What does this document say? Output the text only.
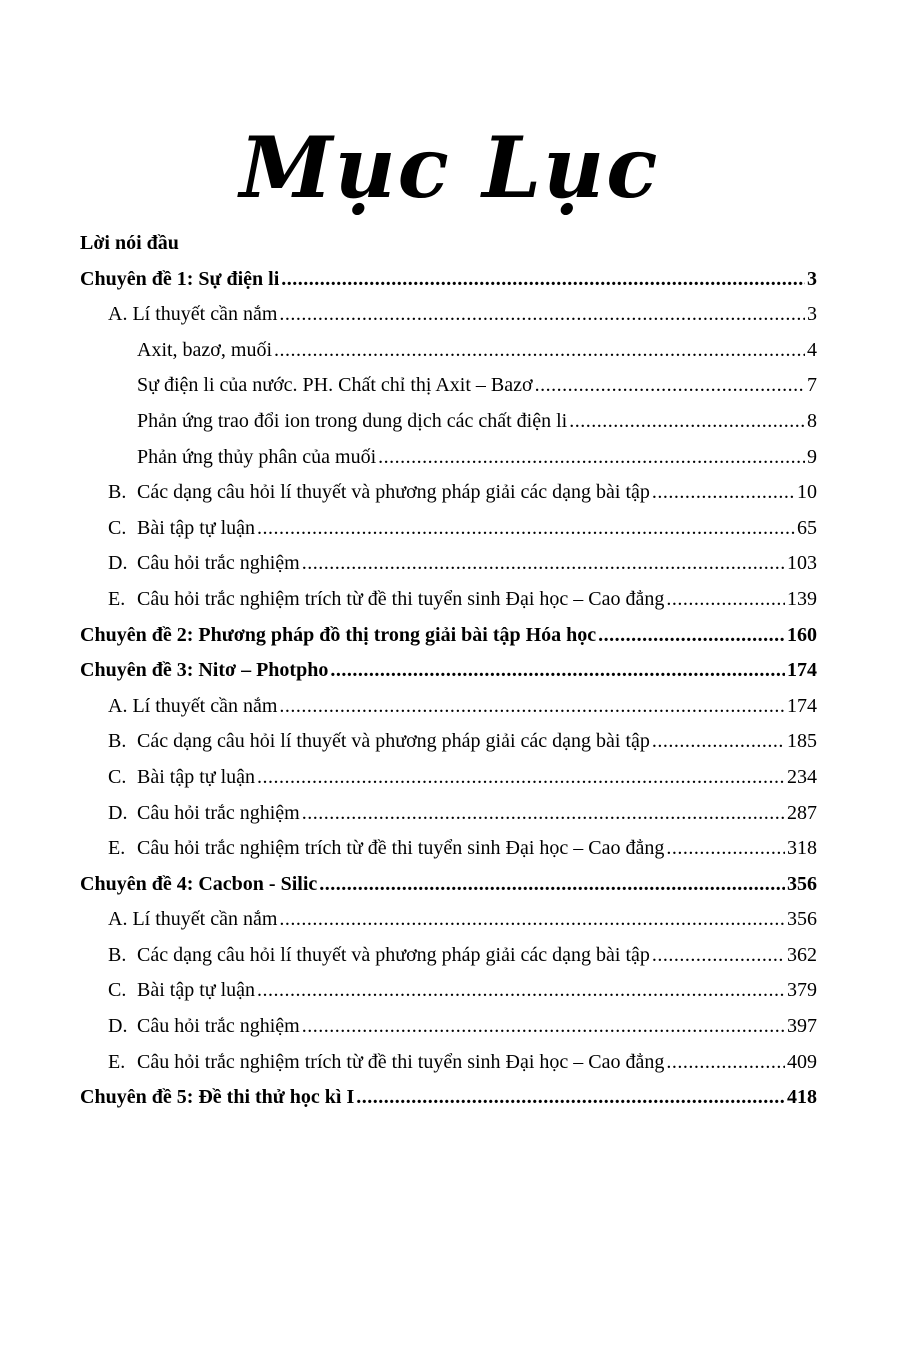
Mục Lục
Lời nói đầu
Chuyên đề 1: Sự điện li .....	3
A. Lí thuyết cần nắm .....	3
Axit, bazơ, muối .....	4
Sự điện li của nước. PH. Chất chỉ thị Axit – Bazơ .....	7
Phản ứng trao đổi ion trong dung dịch các chất điện li .....	8
Phản ứng thủy phân của muối .....	9
B. Các dạng câu hỏi lí thuyết và phương pháp giải các dạng bài tập .....	10
C. Bài tập tự luận .....	65
D. Câu hỏi trắc nghiệm .....	103
E. Câu hỏi trắc nghiệm trích từ đề thi tuyển sinh Đại học – Cao đẳng .....	139
Chuyên đề 2: Phương pháp đồ thị trong giải bài tập Hóa học .....	160
Chuyên đề 3: Nitơ – Photpho .....	174
A. Lí thuyết cần nắm .....	174
B. Các dạng câu hỏi lí thuyết và phương pháp giải các dạng bài tập .....	185
C. Bài tập tự luận .....	234
D. Câu hỏi trắc nghiệm .....	287
E. Câu hỏi trắc nghiệm trích từ đề thi tuyển sinh Đại học – Cao đẳng .....	318
Chuyên đề 4: Cacbon - Silic .....	356
A. Lí thuyết cần nắm .....	356
B. Các dạng câu hỏi lí thuyết và phương pháp giải các dạng bài tập .....	362
C. Bài tập tự luận .....	379
D. Câu hỏi trắc nghiệm .....	397
E. Câu hỏi trắc nghiệm trích từ đề thi tuyển sinh Đại học – Cao đẳng .....	409
Chuyên đề 5: Đề thi thử học kì I .....	418
